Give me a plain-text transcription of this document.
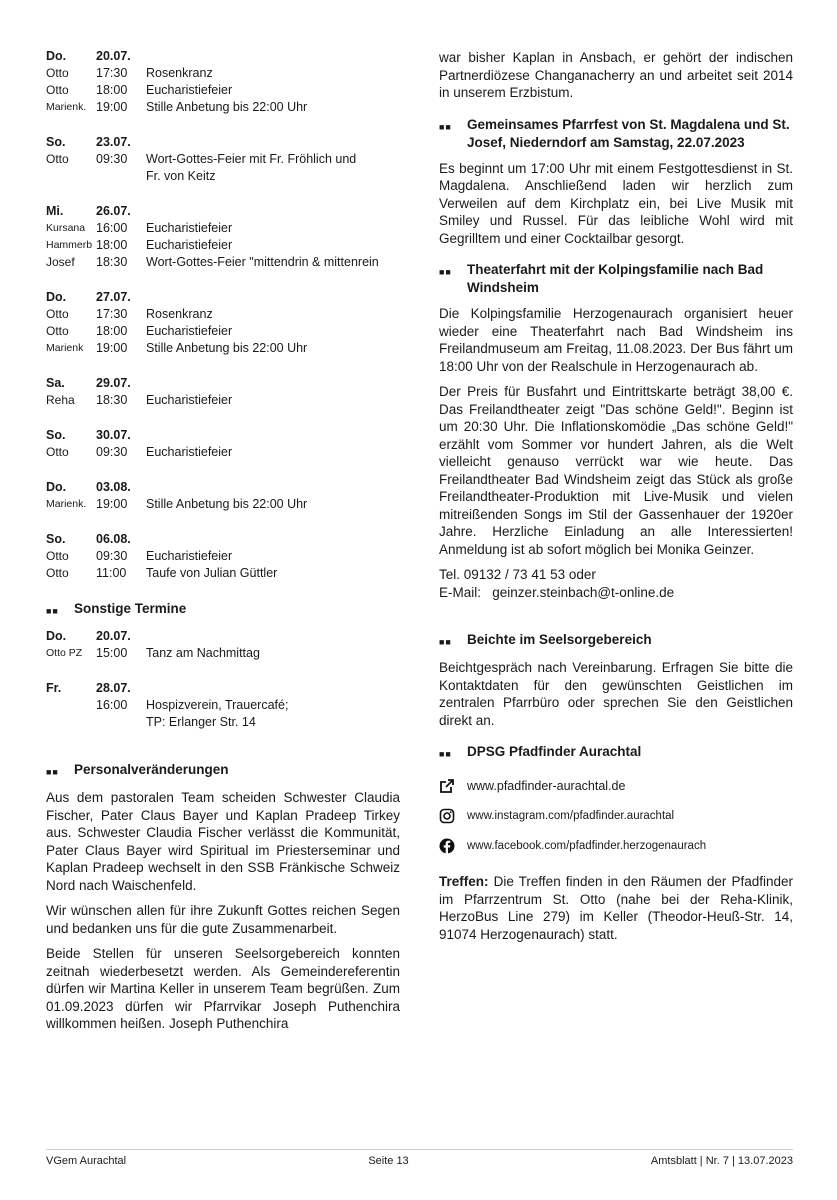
Do.	20.07.
Otto	17:30	Rosenkranz
Otto	18:00	Eucharistiefeier
Marienk. 19:00	Stille Anbetung bis 22:00 Uhr
So.	23.07.
Otto	09:30	Wort-Gottes-Feier mit Fr. Fröhlich und
Fr. von Keitz
Mi.	26.07.
Kursana 16:00	Eucharistiefeier
Hammerb 18:00	Eucharistiefeier
Josef	18:30	Wort-Gottes-Feier "mittendrin & mittenrein
Do.	27.07.
Otto	17:30	Rosenkranz
Otto	18:00	Eucharistiefeier
Marienk	19:00	Stille Anbetung bis 22:00 Uhr
Sa.	29.07.
Reha	18:30	Eucharistiefeier
So.	30.07.
Otto	09:30	Eucharistiefeier
Do.	03.08.
Marienk. 19:00	Stille Anbetung bis 22:00 Uhr
So.	06.08.
Otto	09:30	Eucharistiefeier
Otto	11:00	Taufe von Julian Güttler
■■	Sonstige Termine
Do.	20.07.
Otto PZ	15:00	Tanz am Nachmittag
Fr.	28.07.
16:00	Hospizverein, Trauercafé;
TP: Erlanger Str. 14
■■	Personalveränderungen

Aus dem pastoralen Team scheiden Schwester Claudia Fischer, Pater Claus Bayer und Kaplan Pradeep Tirkey aus. Schwester Claudia Fischer verlässt die Kommunität, Pater Claus Bayer wird Spiritual im Priesterseminar und Kaplan Pradeep wechselt in den SSB Fränkische Schweiz Nord nach Waischenfeld.

Wir wünschen allen für ihre Zukunft Gottes reichen Segen und bedanken uns für die gute Zusammenarbeit.

Beide Stellen für unseren Seelsorgebereich konnten zeitnah wiederbesetzt werden. Als Gemeindereferentin dürfen wir Martina Keller in unserem Team begrüßen. Zum 01.09.2023 dürfen wir Pfarrvikar Joseph Puthenchira willkommen heißen. Joseph Puthenchira

war bisher Kaplan in Ansbach, er gehört der indischen Partnerdiözese Changanacherry an und arbeitet seit 2014 in unserem Erzbistum.

■■	Gemeinsames Pfarrfest von St. Magdalena und St. Josef, Niederndorf am Samstag, 22.07.2023

Es beginnt um 17:00 Uhr mit einem Festgottesdienst in St. Magdalena. Anschließend laden wir herzlich zum Verweilen auf dem Kirchplatz ein, bei Live Musik mit Smiley und Russel. Für das leibliche Wohl wird mit Gegrilltem und einer Cocktailbar gesorgt.

■■	Theaterfahrt mit der Kolpingsfamilie nach Bad Windsheim

Die Kolpingsfamilie Herzogenaurach organisiert heuer wieder eine Theaterfahrt nach Bad Windsheim ins Freilandmuseum am Freitag, 11.08.2023. Der Bus fährt um 18:00 Uhr von der Realschule in Herzogenaurach ab.

Der Preis für Busfahrt und Eintrittskarte beträgt 38,00 €. Das Freilandtheater zeigt "Das schöne Geld!". Beginn ist um 20:30 Uhr. Die Inflationskomödie „Das schöne Geld!" erzählt vom Sommer vor hundert Jahren, als die Welt vielleicht genauso verrückt war wie heute. Das Freilandtheater Bad Windsheim zeigt das Stück als große Freilandtheater-Produktion mit Live-Musik und vielen mitreißenden Songs im Stil der Gassenhauer der 1920er Jahre. Herzliche Einladung an alle Interessierten! Anmeldung ist ab sofort möglich bei Monika Geinzer.

Tel. 09132 / 73 41 53 oder

E-Mail: geinzer.steinbach@t-online.de

■■	Beichte im Seelsorgebereich

Beichtgespräch nach Vereinbarung. Erfragen Sie bitte die Kontaktdaten für den gewünschten Geistlichen im zentralen Pfarrbüro oder sprechen Sie den Geistlichen direkt an.

■■	DPSG Pfadfinder Aurachtal
www.pfadfinder-aurachtal.de
www.instagram.com/pfadfinder.aurachtal
www.facebook.com/pfadfinder.herzogenaurach

Treffen: Die Treffen finden in den Räumen der Pfadfinder im Pfarrzentrum St. Otto (nahe bei der Reha-Klinik, HerzoBus Line 279) im Keller (Theodor-Heuß-Str. 14, 91074 Herzogenaurach) statt.

VGem Aurachtal	Seite 13	Amtsblatt | Nr. 7 | 13.07.2023
